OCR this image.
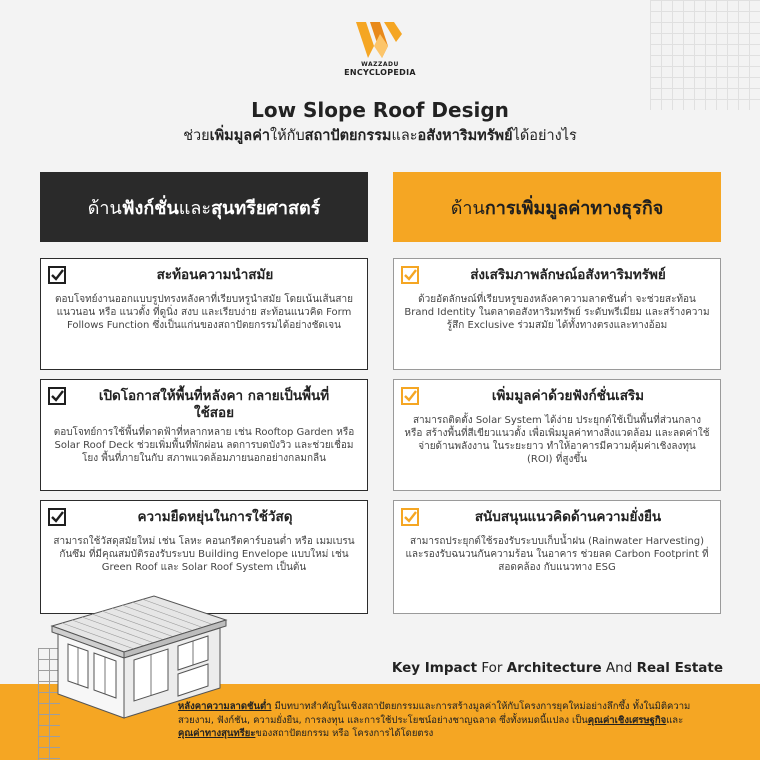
WAZZADU
ENCYCLOPEDIA
Low Slope Roof Design
ช่วยเพิ่มมูลค่าให้กับสถาปัตยกรรมและอสังหาริมทรัพย์ได้อย่างไร
ด้านฟังก์ชั่นและสุนทรียศาสตร์	ด้านการเพิ่มมูลค่าทางธุรกิจ
สะท้อนความนำสมัย
ตอบโจทย์งานออกแบบรูปทรงหลังคาที่เรียบหรูนำสมัย โดยเน้นเส้นสายแนวนอน หรือ แนวตั้ง ที่ดูนิ่ง สงบ และเรียบง่าย สะท้อนแนวคิด Form Follows Function ซึ่งเป็นแก่นของสถาปัตยกรรมได้อย่างชัดเจน
เปิดโอกาสให้พื้นที่หลังคา กลายเป็นพื้นที่ใช้สอย
ตอบโจทย์การใช้พื้นที่ดาดฟ้าที่หลากหลาย เช่น Rooftop Garden หรือ Solar Roof Deck ช่วยเพิ่มพื้นที่พักผ่อน ลดการบดบังวิว และช่วยเชื่อมโยง พื้นที่ภายในกับ สภาพแวดล้อมภายนอกอย่างกลมกลืน
ความยืดหยุ่นในการใช้วัสดุ
สามารถใช้วัสดุสมัยใหม่ เช่น โลหะ คอนกรีตคาร์บอนต่ำ หรือ เมมเบรนกันซึม ที่มีคุณสมบัติรองรับระบบ Building Envelope แบบใหม่ เช่น Green Roof และ Solar Roof System เป็นต้น
ส่งเสริมภาพลักษณ์อสังหาริมทรัพย์
ด้วยอัตลักษณ์ที่เรียบหรูของหลังคาความลาดชันต่ำ จะช่วยสะท้อน Brand Identity ในตลาดอสังหาริมทรัพย์ ระดับพรีเมียม และสร้างความรู้สึก Exclusive ร่วมสมัย ได้ทั้งทางตรงและทางอ้อม
เพิ่มมูลค่าด้วยฟังก์ชั่นเสริม
สามารถติดตั้ง Solar System ได้ง่าย ประยุกต์ใช้เป็นพื้นที่ส่วนกลาง หรือ สร้างพื้นที่สีเขียวแนวตั้ง เพื่อเพิ่มมูลค่าทางสิ่งแวดล้อม และลดค่าใช้จ่ายด้านพลังงาน ในระยะยาว ทำให้อาคารมีความคุ้มค่าเชิงลงทุน (ROI) ที่สูงขึ้น
สนับสนุนแนวคิดด้านความยั่งยืน
สามารถประยุกต์ใช้รองรับระบบเก็บน้ำฝน (Rainwater Harvesting) และรองรับฉนวนกันความร้อน ในอาคาร ช่วยลด Carbon Footprint ที่สอดคล้อง กับแนวทาง ESG
Key Impact For Architecture And Real Estate
หลังคาความลาดชันต่ำ มีบทบาทสำคัญในเชิงสถาปัตยกรรมและการสร้างมูลค่าให้กับโครงการยุคใหม่อย่างลึกซึ้ง ทั้งในมิติความสวยงาม, ฟังก์ชัน, ความยั่งยืน, การลงทุน และการใช้ประโยชน์อย่างชาญฉลาด ซึ่งทั้งหมดนี้แปลง เป็นคุณค่าเชิงเศรษฐกิจและคุณค่าทางสุนทรียะของสถาปัตยกรรม หรือ โครงการได้โดยตรง
